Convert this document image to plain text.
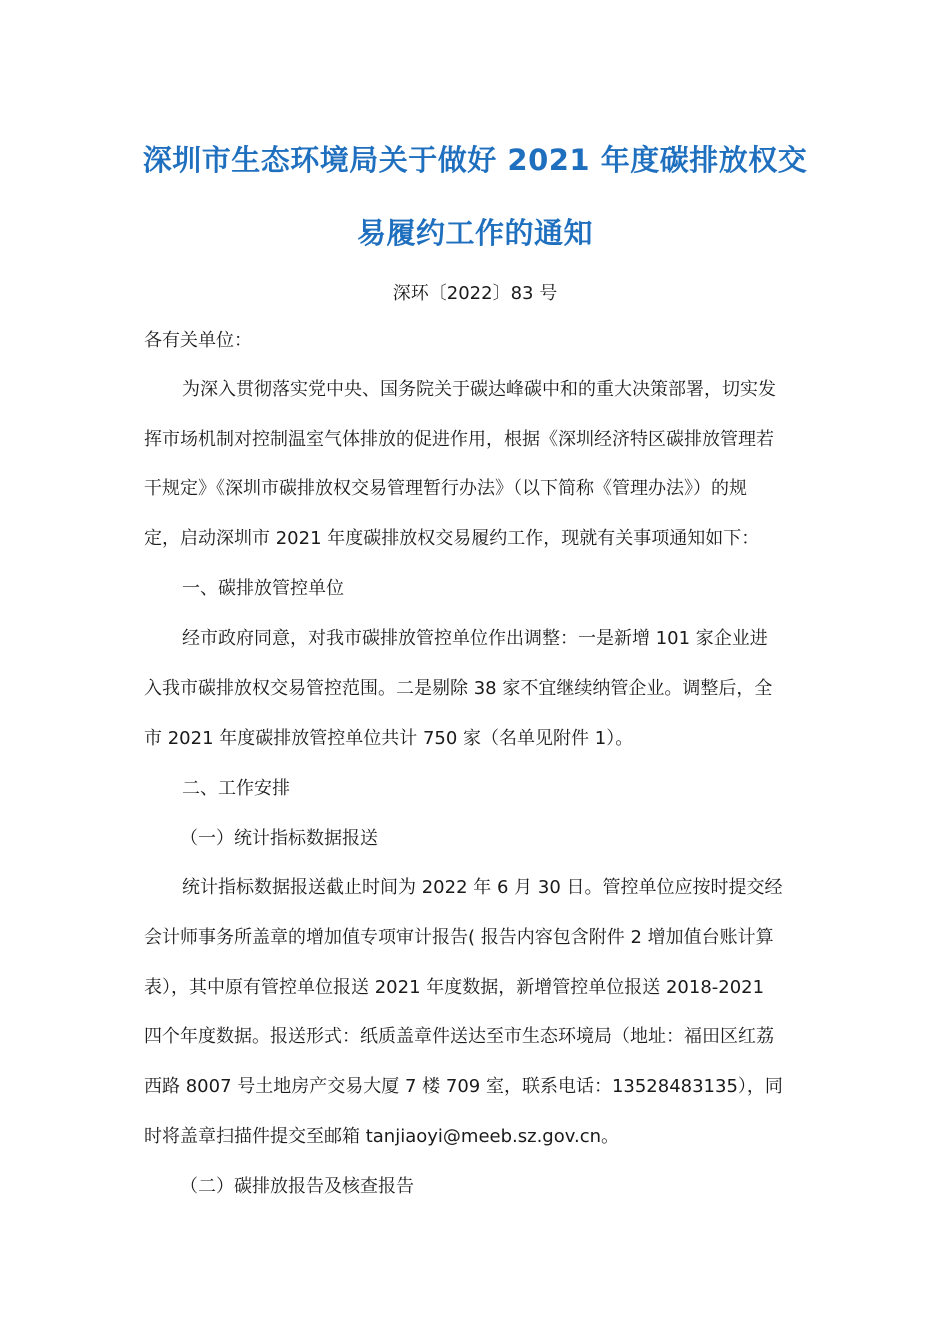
深圳市生态环境局关于做好 2021 年度碳排放权交
易履约工作的通知
深环〔2022〕83 号
各有关单位：
为深入贯彻落实党中央、国务院关于碳达峰碳中和的重大决策部署，切实发
挥市场机制对控制温室气体排放的促进作用，根据《深圳经济特区碳排放管理若
干规定》《深圳市碳排放权交易管理暂行办法》（以下简称《管理办法》）的规
定，启动深圳市 2021 年度碳排放权交易履约工作，现就有关事项通知如下：
一、碳排放管控单位
经市政府同意，对我市碳排放管控单位作出调整：一是新增 101 家企业进
入我市碳排放权交易管控范围。二是剔除 38 家不宜继续纳管企业。调整后，全
市 2021 年度碳排放管控单位共计 750 家（名单见附件 1）。
二、工作安排
（一）统计指标数据报送
统计指标数据报送截止时间为 2022 年 6 月 30 日。管控单位应按时提交经
会计师事务所盖章的增加值专项审计报告( 报告内容包含附件 2 增加值台账计算
表），其中原有管控单位报送 2021 年度数据，新增管控单位报送 2018-2021
四个年度数据。报送形式：纸质盖章件送达至市生态环境局（地址：福田区红荔
西路 8007 号土地房产交易大厦 7 楼 709 室，联系电话：13528483135），同
时将盖章扫描件提交至邮箱 tanjiaoyi@meeb.sz.gov.cn。
（二）碳排放报告及核查报告
